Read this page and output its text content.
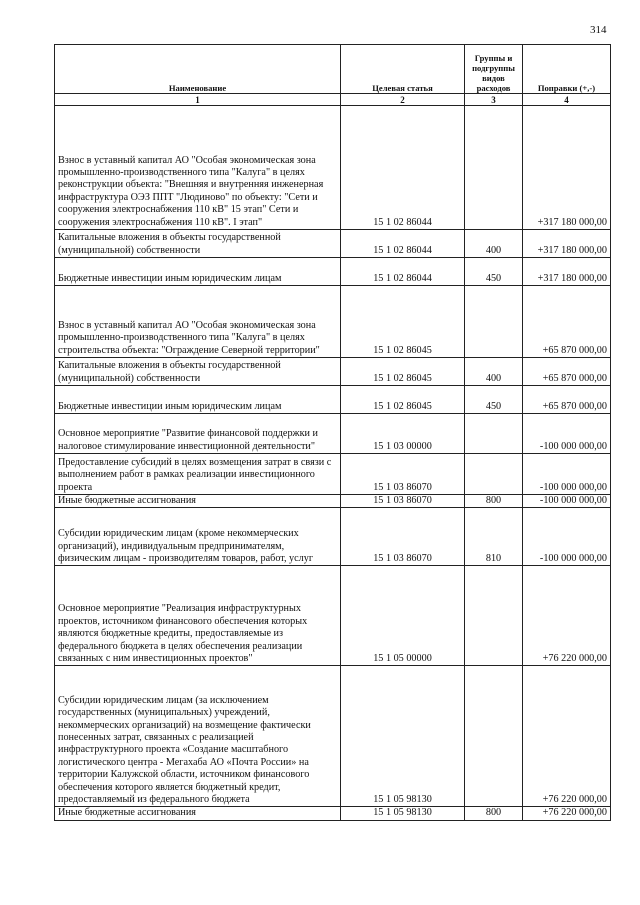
314
Наименование	Целевая статья	Группы и подгруппы видов расходов	Поправки (+,-)
1	2	3	4
Взнос в уставный капитал АО "Особая экономическая зона промышленно-производственного типа "Калуга" в целях реконструкции объекта: "Внешняя и внутренняя инженерная инфраструктура ОЭЗ ППТ "Людиново" по объекту: "Сети и сооружения электроснабжения 110 кВ" 15 этап" Сети и сооружения электроснабжения 110 кВ". I этап"	15 1 02 86044		+317 180 000,00
Капитальные вложения в объекты государственной (муниципальной) собственности	15 1 02 86044	400	+317 180 000,00
Бюджетные инвестиции иным юридическим лицам	15 1 02 86044	450	+317 180 000,00
Взнос в уставный капитал АО "Особая экономическая зона промышленно-производственного типа "Калуга" в целях строительства объекта: "Ограждение Северной территории"	15 1 02 86045		+65 870 000,00
Капитальные вложения в объекты государственной (муниципальной) собственности	15 1 02 86045	400	+65 870 000,00
Бюджетные инвестиции иным юридическим лицам	15 1 02 86045	450	+65 870 000,00
Основное мероприятие "Развитие финансовой поддержки и налоговое стимулирование инвестиционной деятельности"	15 1 03 00000		-100 000 000,00
Предоставление субсидий в целях возмещения затрат в связи с выполнением работ в рамках реализации инвестиционного проекта	15 1 03 86070		-100 000 000,00
Иные бюджетные ассигнования	15 1 03 86070	800	-100 000 000,00
Субсидии юридическим лицам (кроме некоммерческих организаций), индивидуальным предпринимателям, физическим лицам - производителям товаров, работ, услуг	15 1 03 86070	810	-100 000 000,00
Основное мероприятие "Реализация инфраструктурных проектов, источником финансового обеспечения которых являются бюджетные кредиты, предоставляемые из федерального бюджета в целях обеспечения реализации связанных с ним инвестиционных проектов"	15 1 05 00000		+76 220 000,00
Субсидии юридическим лицам (за исключением государственных (муниципальных) учреждений, некоммерческих организаций) на возмещение фактически понесенных затрат, связанных с реализацией инфраструктурного проекта «Создание масштабного логистического центра - Мегахаба АО «Почта России» на территории Калужской области, источником финансового обеспечения которого является бюджетный кредит, предоставляемый из федерального бюджета	15 1 05 98130		+76 220 000,00
Иные бюджетные ассигнования	15 1 05 98130	800	+76 220 000,00
